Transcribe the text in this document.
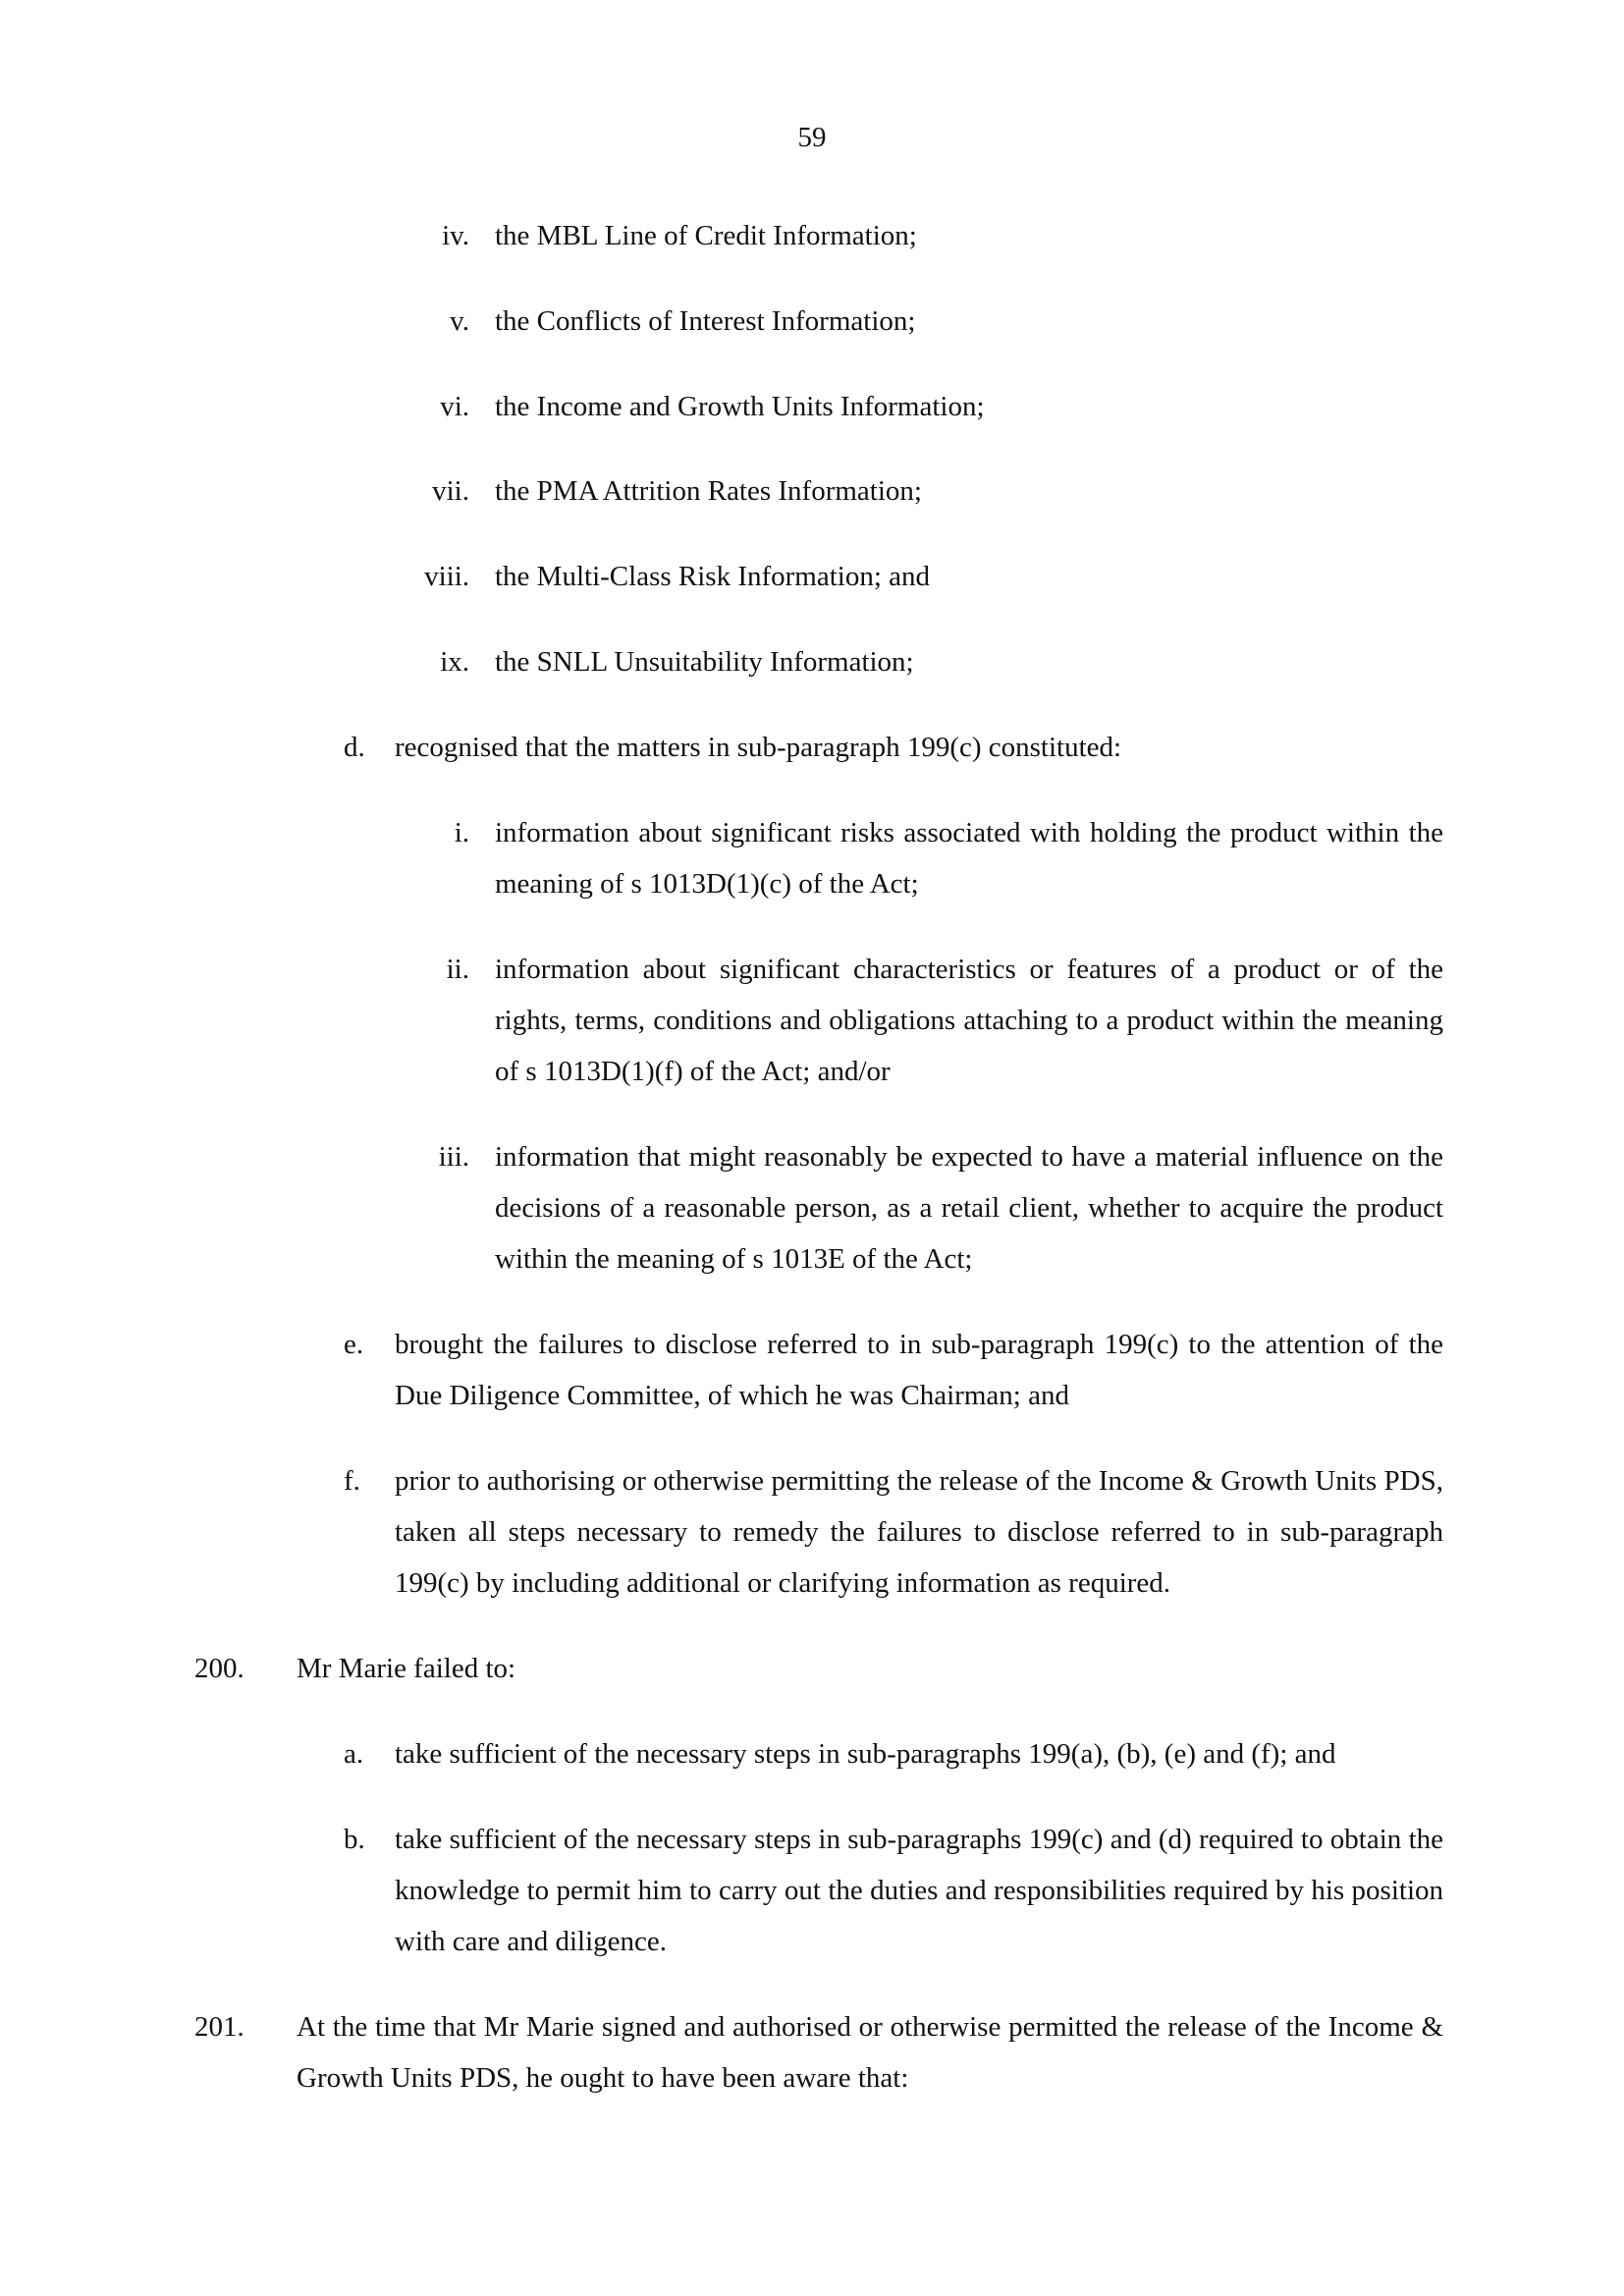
59
iv. the MBL Line of Credit Information;
v. the Conflicts of Interest Information;
vi. the Income and Growth Units Information;
vii. the PMA Attrition Rates Information;
viii. the Multi-Class Risk Information; and
ix. the SNLL Unsuitability Information;
d. recognised that the matters in sub-paragraph 199(c) constituted:
i. information about significant risks associated with holding the product within the meaning of s 1013D(1)(c) of the Act;
ii. information about significant characteristics or features of a product or of the rights, terms, conditions and obligations attaching to a product within the meaning of s 1013D(1)(f) of the Act; and/or
iii. information that might reasonably be expected to have a material influence on the decisions of a reasonable person, as a retail client, whether to acquire the product within the meaning of s 1013E of the Act;
e. brought the failures to disclose referred to in sub-paragraph 199(c) to the attention of the Due Diligence Committee, of which he was Chairman; and
f. prior to authorising or otherwise permitting the release of the Income & Growth Units PDS, taken all steps necessary to remedy the failures to disclose referred to in sub-paragraph 199(c) by including additional or clarifying information as required.
200. Mr Marie failed to:
a. take sufficient of the necessary steps in sub-paragraphs 199(a), (b), (e) and (f); and
b. take sufficient of the necessary steps in sub-paragraphs 199(c) and (d) required to obtain the knowledge to permit him to carry out the duties and responsibilities required by his position with care and diligence.
201. At the time that Mr Marie signed and authorised or otherwise permitted the release of the Income & Growth Units PDS, he ought to have been aware that:
